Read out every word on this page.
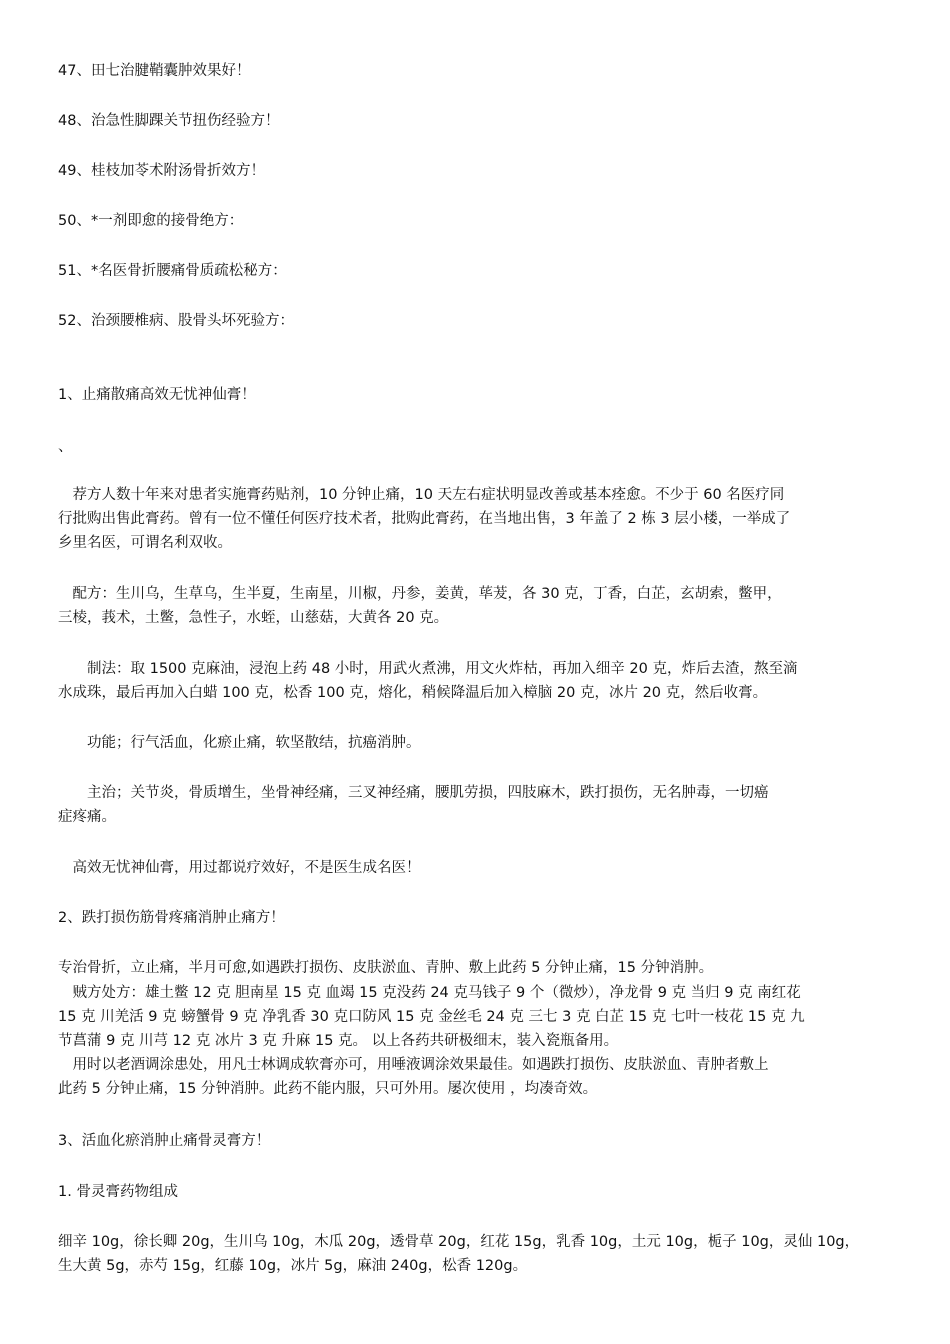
47、田七治腱鞘囊肿效果好！

48、治急性脚踝关节扭伤经验方！

49、桂枝加苓术附汤骨折效方！

50、*一剂即愈的接骨绝方：

51、*名医骨折腰痛骨质疏松秘方：

52、治颈腰椎病、股骨头坏死验方：

1、止痛散痛高效无忧神仙膏！

、

　荐方人数十年来对患者实施膏药贴剂，10 分钟止痛，10 天左右症状明显改善或基本痊愈。不少于 60 名医疗同

行批购出售此膏药。曾有一位不懂任何医疗技术者，批购此膏药，在当地出售，3 年盖了 2 栋 3 层小楼，一举成了

乡里名医，可谓名利双收。

　配方：生川乌，生草乌，生半夏，生南星，川椒，丹参，姜黄，荜茇，各 30 克，丁香，白芷，玄胡索，鳖甲，

三棱，莪术，土鳖，急性子，水蛭，山慈菇，大黄各 20 克。

　　制法：取 1500 克麻油，浸泡上药 48 小时，用武火煮沸，用文火炸枯，再加入细辛 20 克，炸后去渣，熬至滴

水成珠，最后再加入白蜡 100 克，松香 100 克，熔化，稍候降温后加入樟脑 20 克，冰片 20 克，然后收膏。

　　功能；行气活血，化瘀止痛，软坚散结，抗癌消肿。

　　主治；关节炎，骨质增生，坐骨神经痛，三叉神经痛，腰肌劳损，四肢麻木，跌打损伤，无名肿毒，一切癌

症疼痛。

　高效无忧神仙膏，用过都说疗效好，不是医生成名医！

2、跌打损伤筋骨疼痛消肿止痛方！

专治骨折，立止痛，半月可愈,如遇跌打损伤、皮肤淤血、青肿、敷上此药 5 分钟止痛，15 分钟消肿。

　贼方处方：雄土鳖 12 克 胆南星 15 克 血竭 15 克没药 24 克马钱子 9 个（微炒），净龙骨 9 克 当归 9 克 南红花

15 克 川羌活 9 克 螃蟹骨 9 克 净乳香 30 克口防风 15 克 金丝毛 24 克 三七 3 克 白芷 15 克 七叶一枝花 15 克 九

节菖蒲 9 克 川芎 12 克 冰片 3 克 升麻 15 克。 以上各药共研极细末，装入瓷瓶备用。

　用时以老酒调涂患处，用凡士林调成软膏亦可，用唾液调涂效果最佳。如遇跌打损伤、皮肤淤血、青肿者敷上

此药 5 分钟止痛，15 分钟消肿。此药不能内服，只可外用。屡次使用 ，均凑奇效。

3、活血化瘀消肿止痛骨灵膏方！

1. 骨灵膏药物组成

细辛 10g，徐长卿 20g，生川乌 10g，木瓜 20g，透骨草 20g，红花 15g，乳香 10g，土元 10g，栀子 10g，灵仙 10g，

生大黄 5g，赤芍 15g，红藤 10g，冰片 5g，麻油 240g，松香 120g。
